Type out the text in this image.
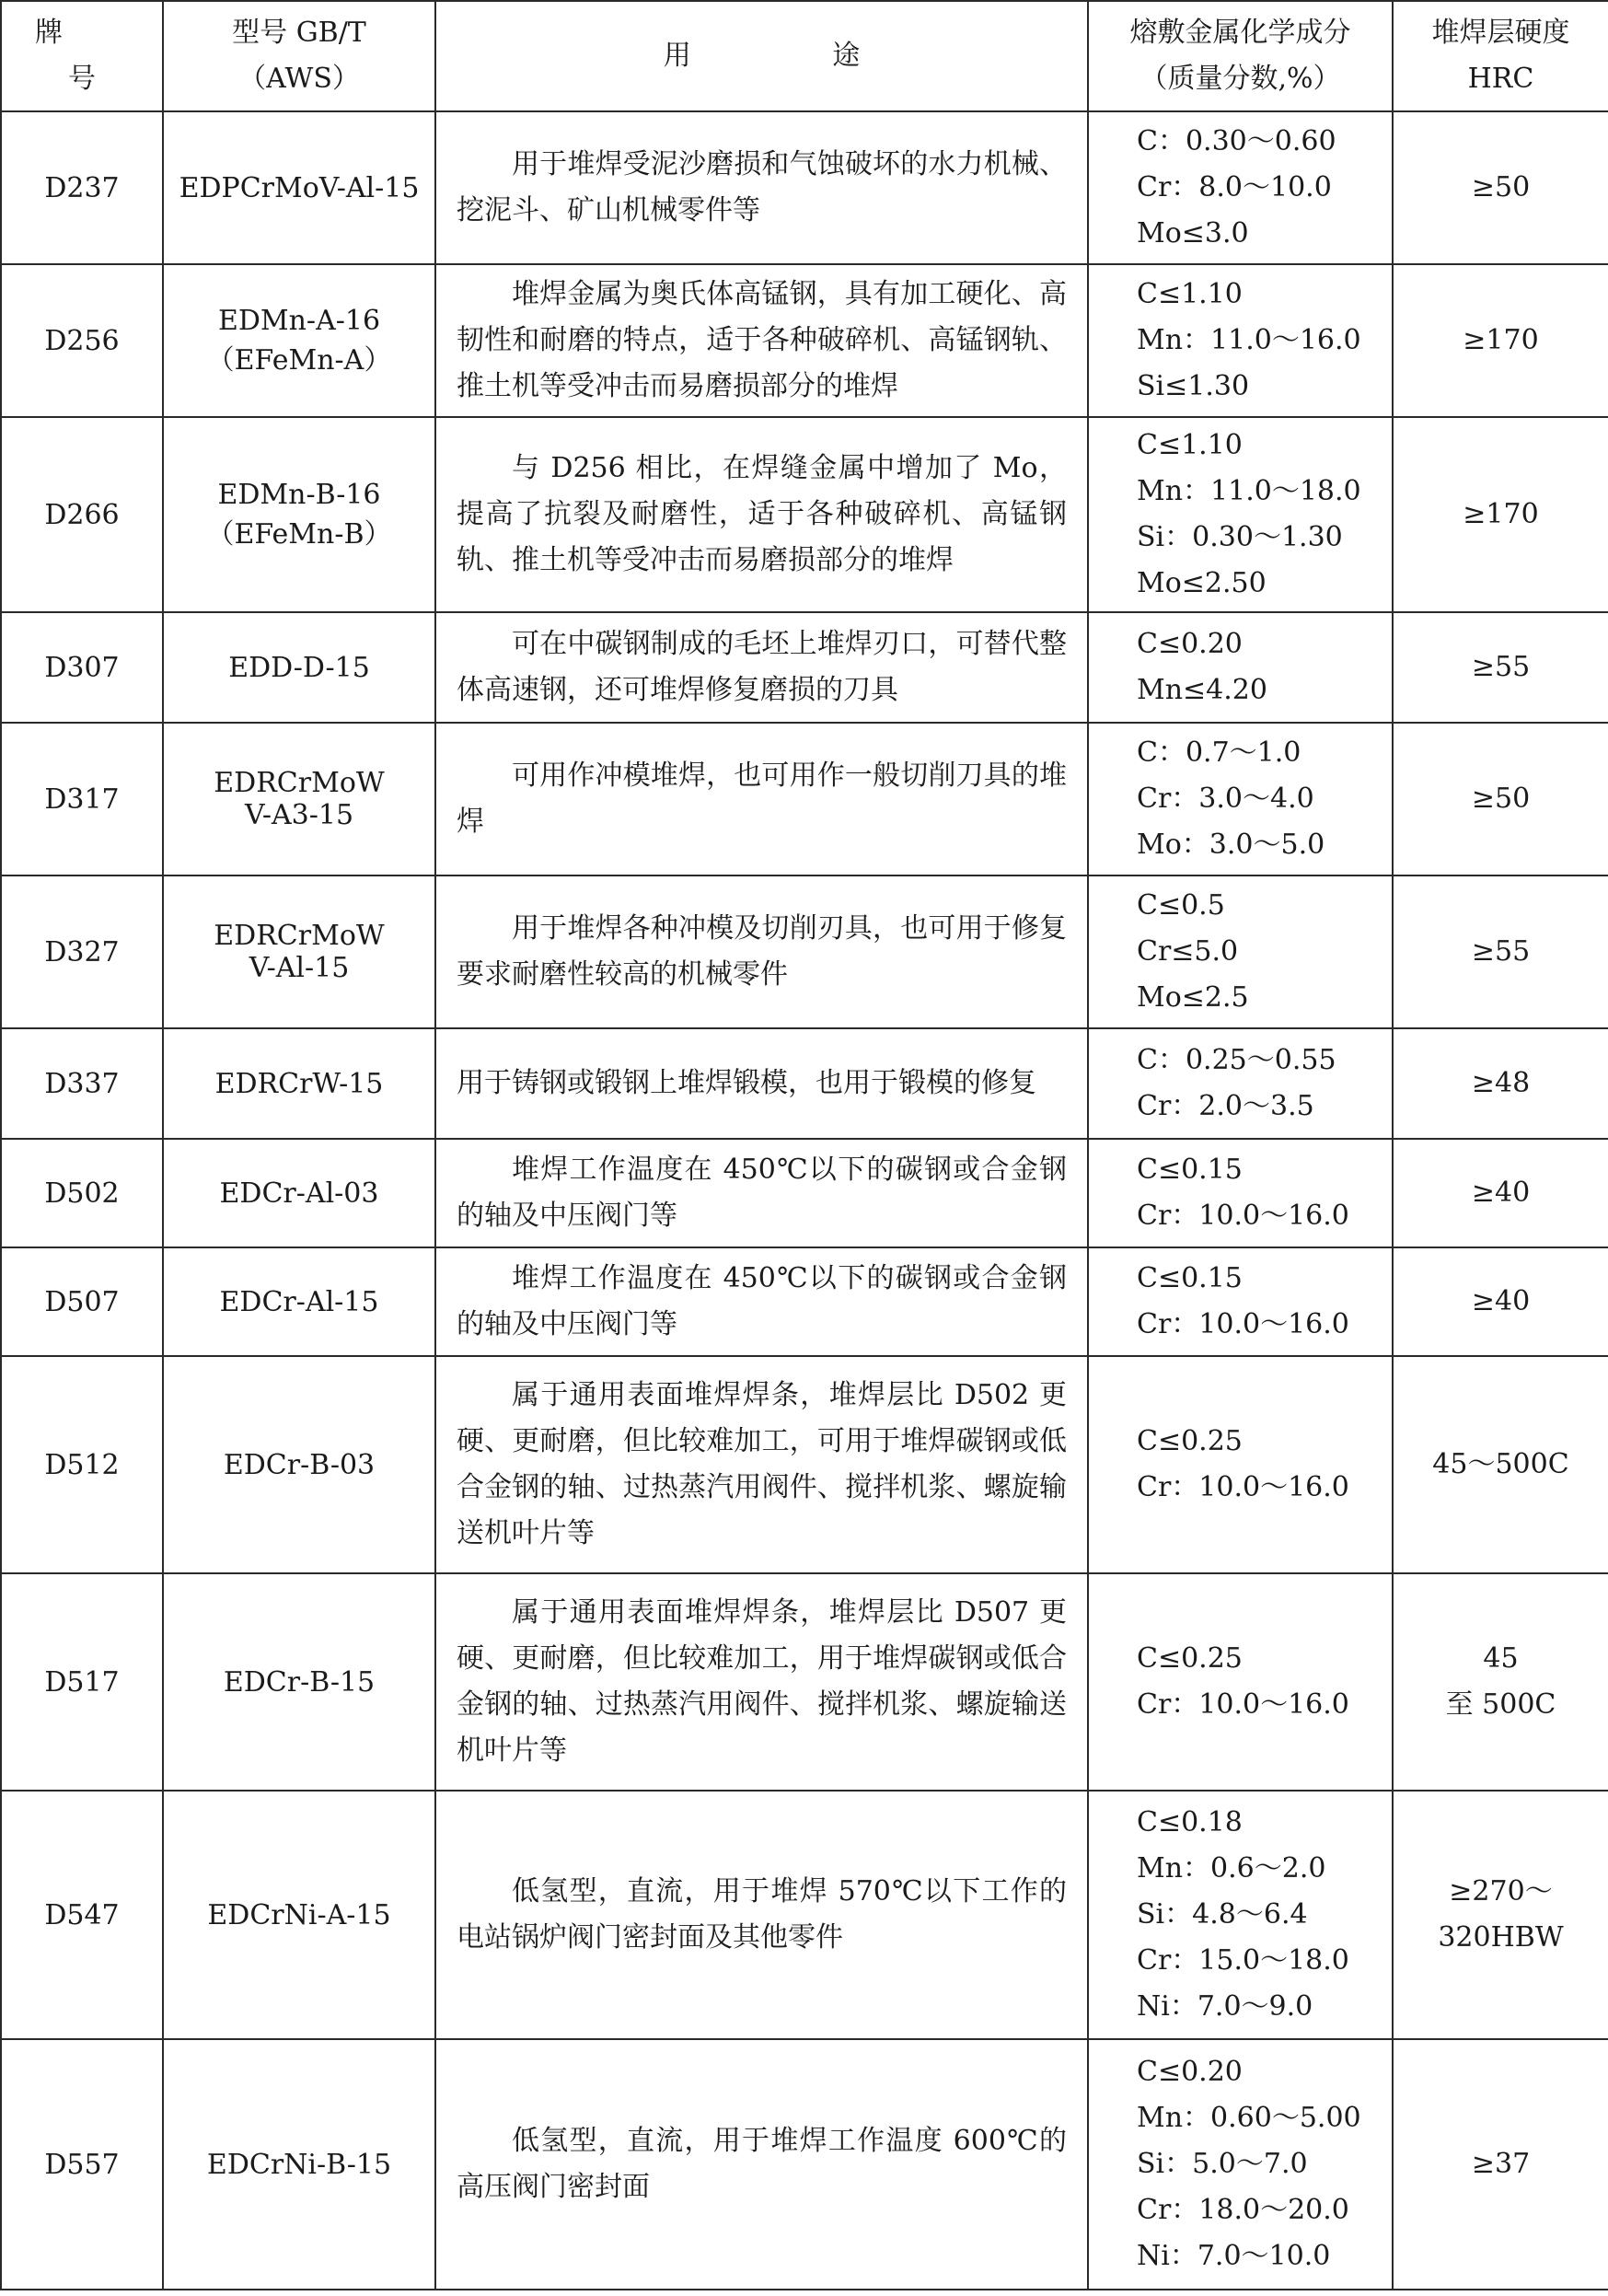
牌 号	型号 GB/T
（AWS）	用 途	熔敷金属化学成分
（质量分数,%）	堆焊层硬度
HRC

D237	EDPCrMoV-Al-15	用于堆焊受泥沙磨损和气蚀破坏的水力机械、挖泥斗、矿山机械零件等	C：0.30～0.60
Cr：8.0～10.0
Mo≤3.0	≥50

D256	EDMn-A-16
（EFeMn-A）	堆焊金属为奥氏体高锰钢，具有加工硬化、高韧性和耐磨的特点，适于各种破碎机、高锰钢轨、推土机等受冲击而易磨损部分的堆焊	C≤1.10
Mn：11.0～16.0
Si≤1.30	≥170

D266	EDMn-B-16
（EFeMn-B）	与 D256 相比，在焊缝金属中增加了 Mo，提高了抗裂及耐磨性，适于各种破碎机、高锰钢轨、推土机等受冲击而易磨损部分的堆焊	C≤1.10
Mn：11.0～18.0
Si：0.30～1.30
Mo≤2.50	≥170

D307	EDD-D-15	可在中碳钢制成的毛坯上堆焊刃口，可替代整体高速钢，还可堆焊修复磨损的刀具	C≤0.20
Mn≤4.20	≥55

D317	EDRCrMoW
V-A3-15	可用作冲模堆焊，也可用作一般切削刀具的堆焊	C：0.7～1.0
Cr：3.0～4.0
Mo：3.0～5.0	≥50

D327	EDRCrMoW
V-Al-15	用于堆焊各种冲模及切削刃具，也可用于修复要求耐磨性较高的机械零件	C≤0.5
Cr≤5.0
Mo≤2.5	≥55

D337	EDRCrW-15	用于铸钢或锻钢上堆焊锻模，也用于锻模的修复	C：0.25～0.55
Cr：2.0～3.5	≥48

D502	EDCr-Al-03	堆焊工作温度在 450℃以下的碳钢或合金钢的轴及中压阀门等	C≤0.15
Cr：10.0～16.0	≥40

D507	EDCr-Al-15	堆焊工作温度在 450℃以下的碳钢或合金钢的轴及中压阀门等	C≤0.15
Cr：10.0～16.0	≥40

D512	EDCr-B-03	属于通用表面堆焊焊条，堆焊层比 D502 更硬、更耐磨，但比较难加工，可用于堆焊碳钢或低合金钢的轴、过热蒸汽用阀件、搅拌机浆、螺旋输送机叶片等	C≤0.25
Cr：10.0～16.0	45～500C

D517	EDCr-B-15	属于通用表面堆焊焊条，堆焊层比 D507 更硬、更耐磨，但比较难加工，用于堆焊碳钢或低合金钢的轴、过热蒸汽用阀件、搅拌机浆、螺旋输送机叶片等	C≤0.25
Cr：10.0～16.0	45
至 500C

D547	EDCrNi-A-15	低氢型，直流，用于堆焊 570℃以下工作的电站锅炉阀门密封面及其他零件	C≤0.18
Mn：0.6～2.0
Si：4.8～6.4
Cr：15.0～18.0
Ni：7.0～9.0	≥270～
320HBW

D557	EDCrNi-B-15	低氢型，直流，用于堆焊工作温度 600℃的高压阀门密封面	C≤0.20
Mn：0.60～5.00
Si：5.0～7.0
Cr：18.0～20.0
Ni：7.0～10.0	≥37
